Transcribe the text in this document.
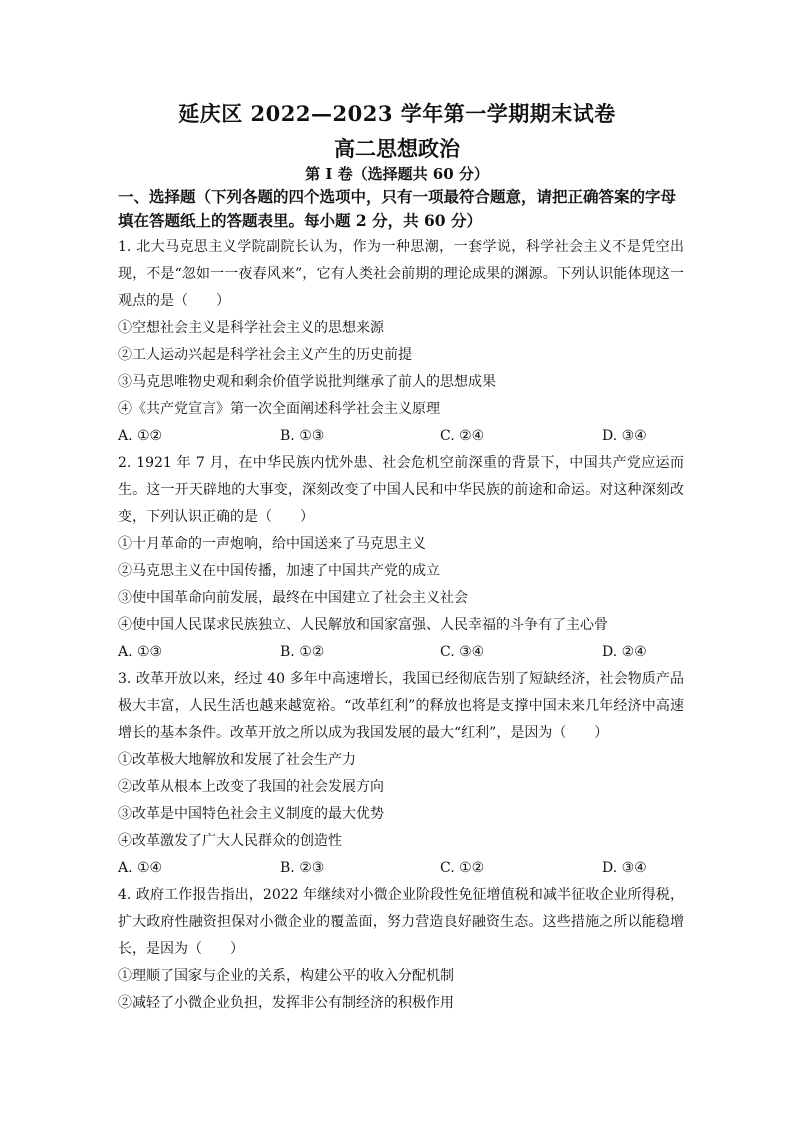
延庆区 2022—2023 学年第一学期期末试卷
高二思想政治
第 I 卷（选择题共 60 分）
一、选择题（下列各题的四个选项中，只有一项最符合题意，请把正确答案的字母填在答题纸上的答题表里。每小题 2 分，共 60 分）

1. 北大马克思主义学院副院长认为，作为一种思潮，一套学说，科学社会主义不是凭空出现，不是“忽如一一夜春风来”，它有人类社会前期的理论成果的渊源。下列认识能体现这一观点的是（　　）

①空想社会主义是科学社会主义的思想来源

②工人运动兴起是科学社会主义产生的历史前提

③马克思唯物史观和剩余价值学说批判继承了前人的思想成果

④《共产党宣言》第一次全面阐述科学社会主义原理

A. ①②	B. ①③	C. ②④	D. ③④

2. 1921 年 7 月，在中华民族内忧外患、社会危机空前深重的背景下，中国共产党应运而生。这一开天辟地的大事变，深刻改变了中国人民和中华民族的前途和命运。对这种深刻改变，下列认识正确的是（　　）

①十月革命的一声炮响，给中国送来了马克思主义

②马克思主义在中国传播，加速了中国共产党的成立

③使中国革命向前发展，最终在中国建立了社会主义社会

④使中国人民谋求民族独立、人民解放和国家富强、人民幸福的斗争有了主心骨

A. ①③	B. ①②	C. ③④	D. ②④

3. 改革开放以来，经过 40 多年中高速增长，我国已经彻底告别了短缺经济，社会物质产品极大丰富，人民生活也越来越宽裕。“改革红利”的释放也将是支撑中国未来几年经济中高速增长的基本条件。改革开放之所以成为我国发展的最大“红利”，是因为（　　）

①改革极大地解放和发展了社会生产力

②改革从根本上改变了我国的社会发展方向

③改革是中国特色社会主义制度的最大优势

④改革激发了广大人民群众的创造性

A. ①④	B. ②③	C. ①②	D. ③④

4. 政府工作报告指出，2022 年继续对小微企业阶段性免征增值税和减半征收企业所得税，扩大政府性融资担保对小微企业的覆盖面，努力营造良好融资生态。这些措施之所以能稳增长，是因为（　　）

①理顺了国家与企业的关系，构建公平的收入分配机制

②减轻了小微企业负担，发挥非公有制经济的积极作用
